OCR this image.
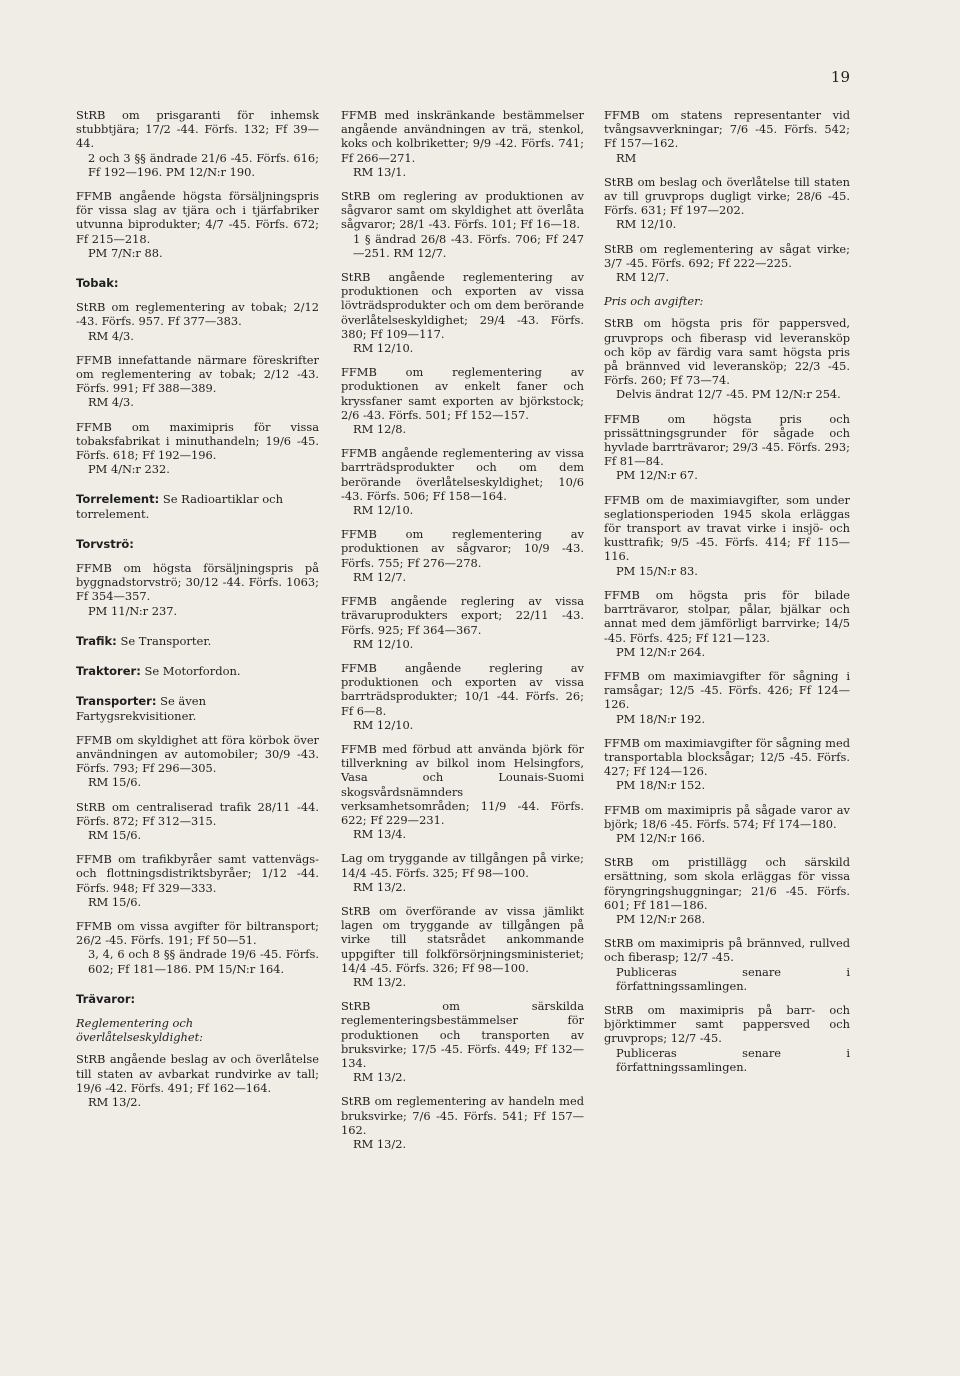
19
StRB om prisgaranti för inhemsk stubbtjära; 17/2 -44. Förfs. 132; Ff 39—44.
2 och 3 §§ ändrade 21/6 -45. Förfs. 616; Ff 192—196. PM 12/N:r 190.
FFMB angående högsta försäljningspris för vissa slag av tjära och i tjärfabriker utvunna biprodukter; 4/7 -45. Förfs. 672; Ff 215—218.
PM 7/N:r 88.
Tobak:
StRB om reglementering av tobak; 2/12 -43. Förfs. 957. Ff 377—383.
RM 4/3.
FFMB innefattande närmare föreskrifter om reglementering av tobak; 2/12 -43. Förfs. 991; Ff 388—389.
RM 4/3.
FFMB om maximipris för vissa tobaksfabrikat i minuthandeln; 19/6 -45. Förfs. 618; Ff 192—196.
PM 4/N:r 232.
Torrelement: Se Radioartiklar och torrelement.
Torvströ:
FFMB om högsta försäljningspris på byggnadstorvströ; 30/12 -44. Förfs. 1063; Ff 354—357.
PM 11/N:r 237.
Trafik: Se Transporter.
Traktorer: Se Motorfordon.
Transporter: Se även Fartygsrekvisitioner.
FFMB om skyldighet att föra körbok över användningen av automobiler; 30/9 -43. Förfs. 793; Ff 296—305.
RM 15/6.
StRB om centraliserad trafik 28/11 -44. Förfs. 872; Ff 312—315.
RM 15/6.
FFMB om trafikbyråer samt vattenvägs- och flottningsdistriktsbyråer; 1/12 -44. Förfs. 948; Ff 329—333.
RM 15/6.
FFMB om vissa avgifter för biltransport; 26/2 -45. Förfs. 191; Ff 50—51.
3, 4, 6 och 8 §§ ändrade 19/6 -45. Förfs. 602; Ff 181—186. PM 15/N:r 164.
Trävaror:
Reglementering och överlåtelseskyldighet:
StRB angående beslag av och överlåtelse till staten av avbarkat rundvirke av tall; 19/6 -42. Förfs. 491; Ff 162—164.
RM 13/2.
FFMB med inskränkande bestämmelser angående användningen av trä, stenkol, koks och kolbriketter; 9/9 -42. Förfs. 741; Ff 266—271.
RM 13/1.
StRB om reglering av produktionen av sågvaror samt om skyldighet att överlåta sågvaror; 28/1 -43. Förfs. 101; Ff 16—18.
1 § ändrad 26/8 -43. Förfs. 706; Ff 247—251. RM 12/7.
StRB angående reglementering av produktionen och exporten av vissa lövträdsprodukter och om dem berörande överlåtelseskyldighet; 29/4 -43. Förfs. 380; Ff 109—117.
RM 12/10.
FFMB om reglementering av produktionen av enkelt faner och kryssfaner samt exporten av björkstock; 2/6 -43. Förfs. 501; Ff 152—157.
RM 12/8.
FFMB angående reglementering av vissa barrträdsprodukter och om dem berörande överlåtelseskyldighet; 10/6 -43. Förfs. 506; Ff 158—164.
RM 12/10.
FFMB om reglementering av produktionen av sågvaror; 10/9 -43. Förfs. 755; Ff 276—278.
RM 12/7.
FFMB angående reglering av vissa trävaruprodukters export; 22/11 -43. Förfs. 925; Ff 364—367.
RM 12/10.
FFMB angående reglering av produktionen och exporten av vissa barrträdsprodukter; 10/1 -44. Förfs. 26; Ff 6—8.
RM 12/10.
FFMB med förbud att använda björk för tillverkning av bilkol inom Helsingfors, Vasa och Lounais-Suomi skogsvårdsnämnders verksamhetsområden; 11/9 -44. Förfs. 622; Ff 229—231.
RM 13/4.
Lag om tryggande av tillgången på virke; 14/4 -45. Förfs. 325; Ff 98—100.
RM 13/2.
StRB om överförande av vissa jämlikt lagen om tryggande av tillgången på virke till statsrådet ankommande uppgifter till folkförsörjningsministeriet; 14/4 -45. Förfs. 326; Ff 98—100.
RM 13/2.
StRB om särskilda reglementeringsbestämmelser för produktionen och transporten av bruksvirke; 17/5 -45. Förfs. 449; Ff 132—134.
RM 13/2.
StRB om reglementering av handeln med bruksvirke; 7/6 -45. Förfs. 541; Ff 157—162.
RM 13/2.
FFMB om statens representanter vid tvångsavverkningar; 7/6 -45. Förfs. 542; Ff 157—162.
RM
StRB om beslag och överlåtelse till staten av till gruvprops dugligt virke; 28/6 -45. Förfs. 631; Ff 197—202.
RM 12/10.
StRB om reglementering av sågat virke; 3/7 -45. Förfs. 692; Ff 222—225.
RM 12/7.
Pris och avgifter:
StRB om högsta pris för pappersved, gruvprops och fiberasp vid leveransköp och köp av färdig vara samt högsta pris på brännved vid leveransköp; 22/3 -45. Förfs. 260; Ff 73—74.
Delvis ändrat 12/7 -45. PM 12/N:r 254.
FFMB om högsta pris och prissättningsgrunder för sågade och hyvlade barrträvaror; 29/3 -45. Förfs. 293; Ff 81—84.
PM 12/N:r 67.
FFMB om de maximiavgifter, som under seglationsperioden 1945 skola erläggas för transport av travat virke i insjö- och kusttrafik; 9/5 -45. Förfs. 414; Ff 115—116.
PM 15/N:r 83.
FFMB om högsta pris för bilade barrträvaror, stolpar, pålar, bjälkar och annat med dem jämförligt barrvirke; 14/5 -45. Förfs. 425; Ff 121—123.
PM 12/N:r 264.
FFMB om maximiavgifter för sågning i ramsågar; 12/5 -45. Förfs. 426; Ff 124—126.
PM 18/N:r 192.
FFMB om maximiavgifter för sågning med transportabla blocksågar; 12/5 -45. Förfs. 427; Ff 124—126.
PM 18/N:r 152.
FFMB om maximipris på sågade varor av björk; 18/6 -45. Förfs. 574; Ff 174—180.
PM 12/N:r 166.
StRB om pristillägg och särskild ersättning, som skola erläggas för vissa föryngringshuggningar; 21/6 -45. Förfs. 601; Ff 181—186.
PM 12/N:r 268.
StRB om maximipris på brännved, rullved och fiberasp; 12/7 -45.
Publiceras senare i författningssamlingen.
StRB om maximipris på barr- och björktimmer samt pappersved och gruvprops; 12/7 -45.
Publiceras senare i författningssamlingen.
